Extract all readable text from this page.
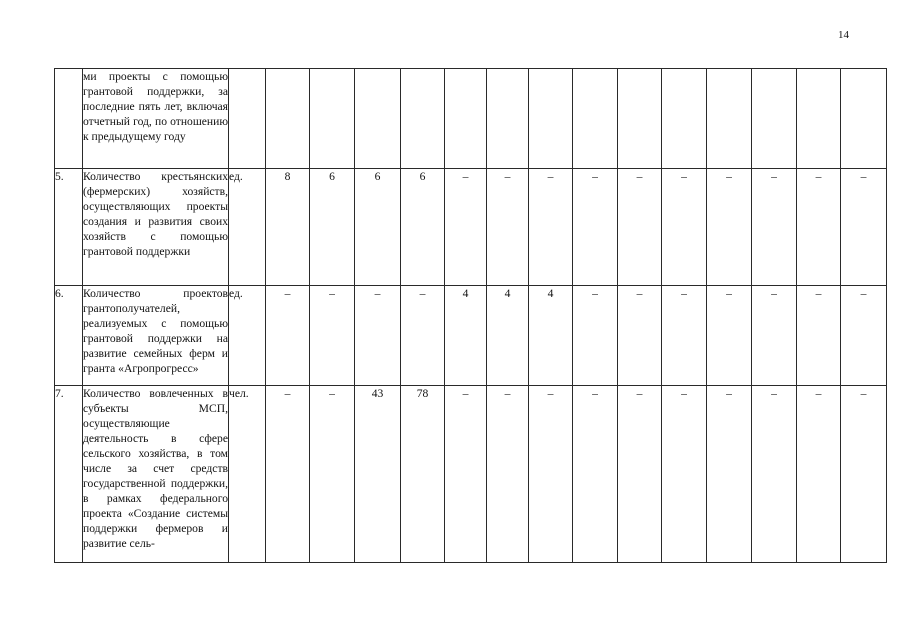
14
	ми проекты с помощью грантовой поддержки, за последние пять лет, включая отчетный год, по отношению к предыдущему году															
5.	Количество крестьянских (фермерских) хозяйств, осуществляющих проекты создания и развития своих хозяйств с помощью грантовой поддержки	ед.	8	6	6	6	–	–	–	–	–	–	–	–	–	–
6.	Количество проектов грантополучателей, реализуемых с помощью грантовой поддержки на развитие семейных ферм и гранта «Агропрогресс»	ед.	–	–	–	–	4	4	4	–	–	–	–	–	–	–
7.	Количество вовлеченных в субъекты МСП, осуществляющие деятельность в сфере сельского хозяйства, в том числе за счет средств государственной поддержки, в рамках федерального проекта «Создание системы поддержки фермеров и развитие сель-	чел.	–	–	43	78	–	–	–	–	–	–	–	–	–	–
